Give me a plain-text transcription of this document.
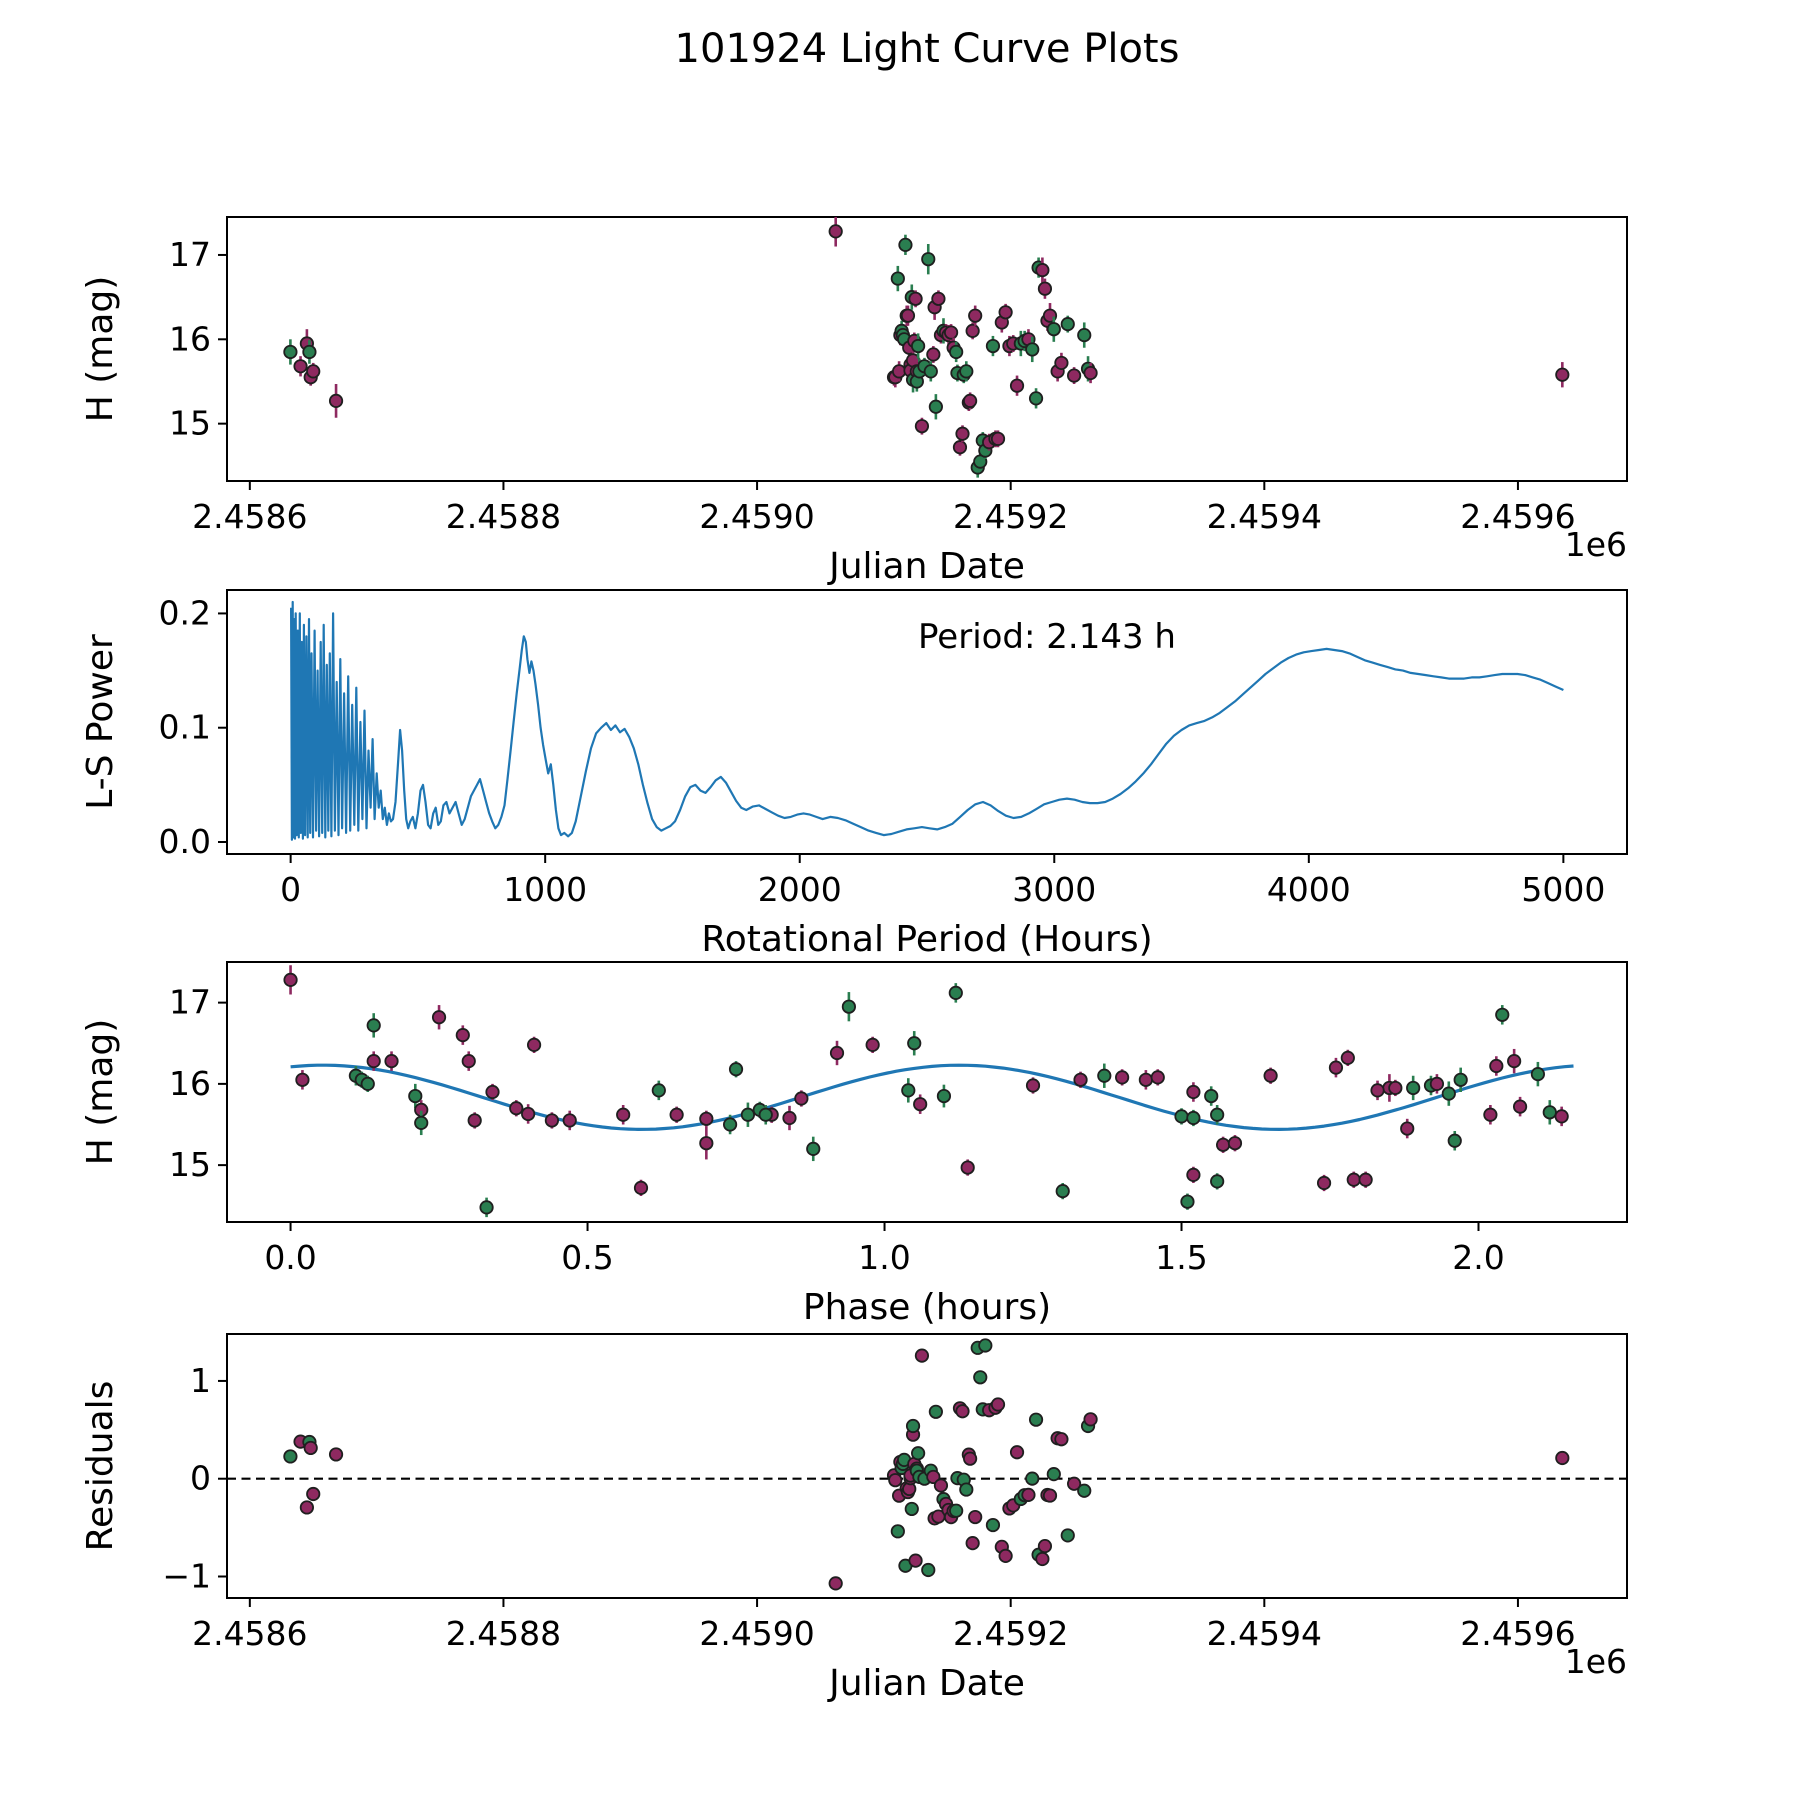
101924 Light Curve Plots
2.4586	2.4588	2.4590	2.4592	2.4594	2.4596
15
16
17
0	1000	2000	3000	4000	5000
0.0
0.1
0.2
0.0	0.5	1.0	1.5	2.0
15
16
17
2.4586	2.4588	2.4590	2.4592	2.4594	2.4596
−1
0
1
Julian Date
1e6
H (mag)
Rotational Period (Hours)
L-S Power	Period: 2.143 h
Phase (hours)
H (mag)
Julian Date
1e6
Residuals
